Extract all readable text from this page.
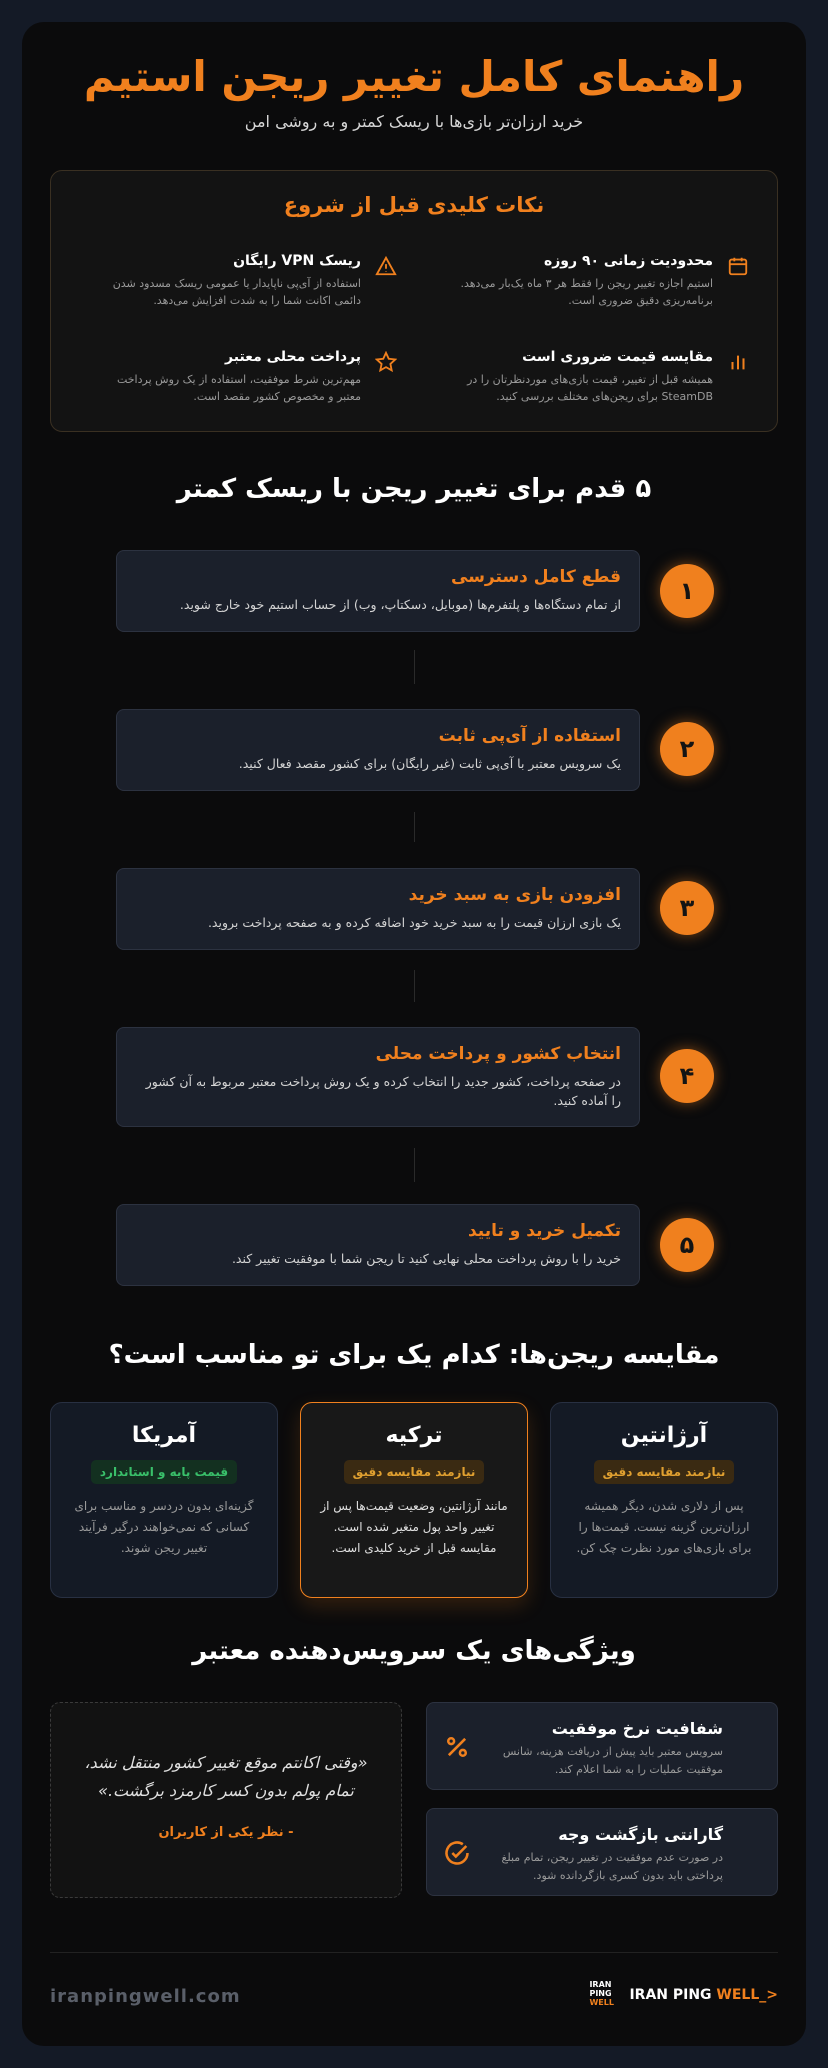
راهنمای کامل تغییر ریجن استیم
خرید ارزان‌تر بازی‌ها با ریسک کمتر و به روشی امن
نکات کلیدی قبل از شروع
محدودیت زمانی ۹۰ روزه
استیم اجازه تغییر ریجن را فقط هر ۳ ماه یک‌بار می‌دهد. برنامه‌ریزی دقیق ضروری است.
ریسک VPN رایگان
استفاده از آی‌پی ناپایدار یا عمومی ریسک مسدود شدن دائمی اکانت شما را به شدت افزایش می‌دهد.
مقایسه قیمت ضروری است
همیشه قبل از تغییر، قیمت بازی‌های موردنظرتان را در SteamDB برای ریجن‌های مختلف بررسی کنید.
پرداخت محلی معتبر
مهم‌ترین شرط موفقیت، استفاده از یک روش پرداخت معتبر و مخصوص کشور مقصد است.
۵ قدم برای تغییر ریجن با ریسک کمتر
قطع کامل دسترسی
از تمام دستگاه‌ها و پلتفرم‌ها (موبایل، دسکتاپ، وب) از حساب استیم خود خارج شوید.	۱
استفاده از آی‌پی ثابت
یک سرویس معتبر با آی‌پی ثابت (غیر رایگان) برای کشور مقصد فعال کنید.
۲
افزودن بازی به سبد خرید
یک بازی ارزان قیمت را به سبد خرید خود اضافه کرده و به صفحه پرداخت بروید.
۳
انتخاب کشور و پرداخت محلی
در صفحه پرداخت، کشور جدید را انتخاب کرده و یک روش پرداخت معتبر مربوط به آن کشور را آماده کنید.
۴
تکمیل خرید و تایید
خرید را با روش پرداخت محلی نهایی کنید تا ریجن شما با موفقیت تغییر کند.	۵
مقایسه ریجن‌ها: کدام یک برای تو مناسب است؟
آرژانتین
نیازمند مقایسه دقیق
پس از دلاری شدن، دیگر همیشه ارزان‌ترین گزینه نیست. قیمت‌ها را برای بازی‌های مورد نظرت چک کن.
ترکیه
نیازمند مقایسه دقیق
مانند آرژانتین، وضعیت قیمت‌ها پس از تغییر واحد پول متغیر شده است. مقایسه قبل از خرید کلیدی است.
آمریکا
قیمت پایه و استاندارد
گزینه‌ای بدون دردسر و مناسب برای کسانی که نمی‌خواهند درگیر فرآیند تغییر ریجن شوند.
ویژگی‌های یک سرویس‌دهنده معتبر
شفافیت نرخ موفقیت
سرویس معتبر باید پیش از دریافت هزینه، شانس موفقیت عملیات را به شما اعلام کند.
گارانتی بازگشت وجه
در صورت عدم موفقیت در تغییر ریجن، تمام مبلغ پرداختی باید بدون کسری بازگردانده شود.
«وقتی اکانتم موقع تغییر کشور منتقل نشد، تمام پولم بدون کسر کارمزد برگشت.»
- نظر یکی از کاربران
iranpingwell.com
IRAN
PING
WELL IRAN PING WELL_>
